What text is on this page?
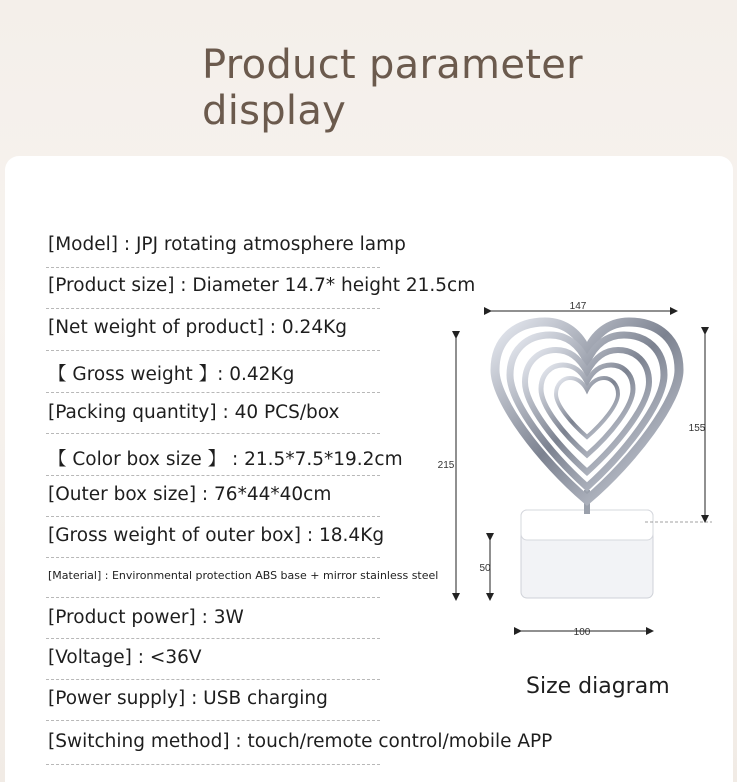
Product parameter display
[Model] : JPJ rotating atmosphere lamp
[Product size] : Diameter 14.7* height 21.5cm
[Net weight of product] : 0.24Kg
【 Gross weight 】: 0.42Kg
[Packing quantity] : 40 PCS/box
【 Color box size 】 : 21.5*7.5*19.2cm
[Outer box size] : 76*44*40cm
[Gross weight of outer box] : 18.4Kg
[Material] : Environmental protection ABS base + mirror stainless steel
[Product power] : 3W
[Voltage] : <36V
[Power supply] : USB charging
[Switching method] : touch/remote control/mobile APP
147
215
155
50
100
Size diagram
